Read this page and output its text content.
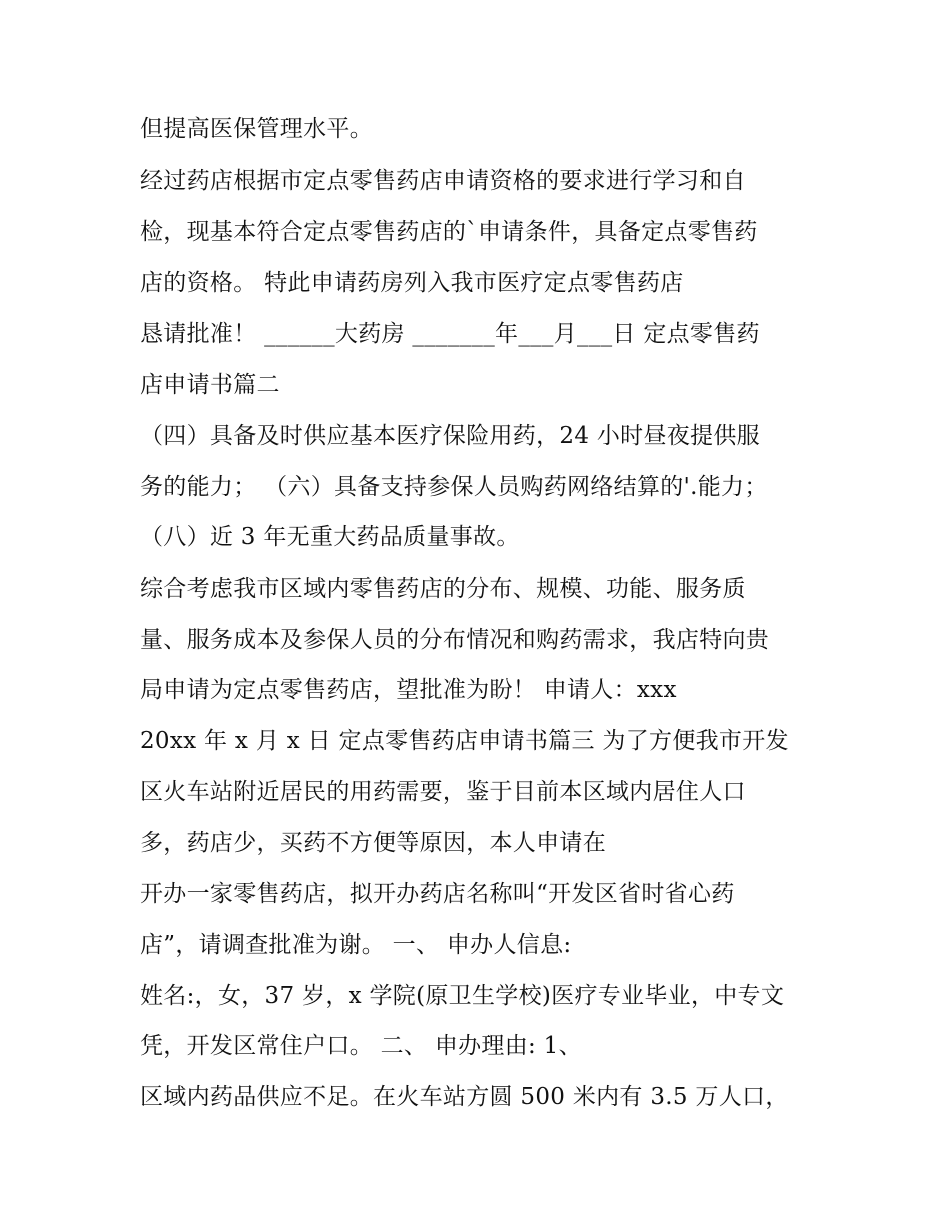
但提高医保管理水平。
经过药店根据市定点零售药店申请资格的要求进行学习和自
检，现基本符合定点零售药店的`申请条件，具备定点零售药
店的资格。 特此申请药房列入我市医疗定点零售药店
恳请批准！ ______大药房 _______年___月___日 定点零售药
店申请书篇二
（四）具备及时供应基本医疗保险用药，24 小时昼夜提供服
务的能力； （六）具备支持参保人员购药网络结算的'.能力；
（八）近 3 年无重大药品质量事故。
综合考虑我市区域内零售药店的分布、规模、功能、服务质
量、服务成本及参保人员的分布情况和购药需求，我店特向贵
局申请为定点零售药店，望批准为盼！ 申请人：xxx
20xx 年 x 月 x 日 定点零售药店申请书篇三 为了方便我市开发
区火车站附近居民的用药需要，鉴于目前本区域内居住人口
多，药店少，买药不方便等原因，本人申请在
开办一家零售药店，拟开办药店名称叫“开发区省时省心药
店”，请调查批准为谢。 一、 申办人信息:
姓名:，女，37 岁，x 学院(原卫生学校)医疗专业毕业，中专文
凭，开发区常住户口。 二、 申办理由: 1、
区域内药品供应不足。在火车站方圆 500 米内有 3.5 万人口，
